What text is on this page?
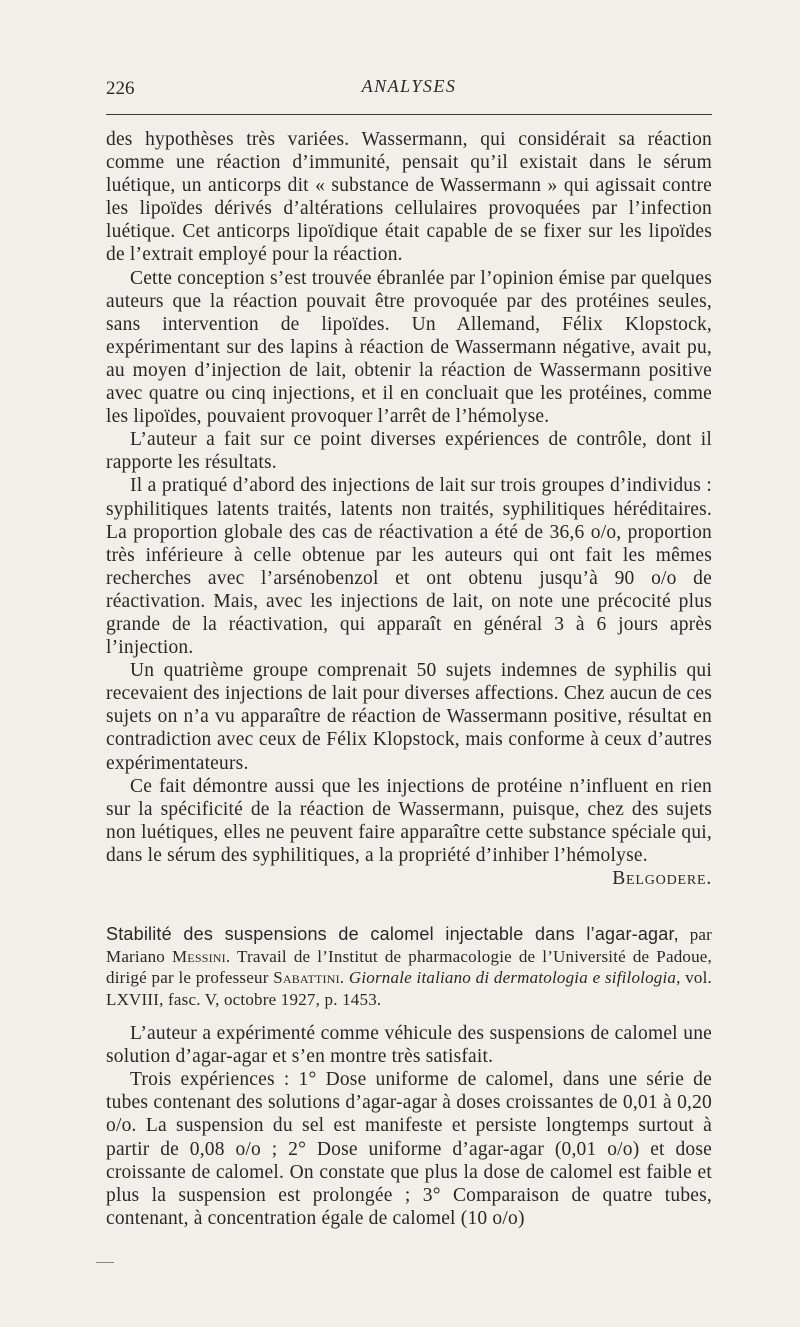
226	ANALYSES

des hypothèses très variées. Wassermann, qui considérait sa réaction comme une réaction d’immunité, pensait qu’il existait dans le sérum luétique, un anticorps dit « substance de Wassermann » qui agissait contre les lipoïdes dérivés d’altérations cellulaires provoquées par l’infection luétique. Cet anticorps lipoïdique était capable de se fixer sur les lipoïdes de l’extrait employé pour la réaction.

Cette conception s’est trouvée ébranlée par l’opinion émise par quelques auteurs que la réaction pouvait être provoquée par des protéines seules, sans intervention de lipoïdes. Un Allemand, Félix Klopstock, expérimentant sur des lapins à réaction de Wassermann négative, avait pu, au moyen d’injection de lait, obtenir la réaction de Wassermann positive avec quatre ou cinq injections, et il en concluait que les protéines, comme les lipoïdes, pouvaient provoquer l’arrêt de l’hémolyse.

L’auteur a fait sur ce point diverses expériences de contrôle, dont il rapporte les résultats.

Il a pratiqué d’abord des injections de lait sur trois groupes d’individus : syphilitiques latents traités, latents non traités, syphilitiques héréditaires. La proportion globale des cas de réactivation a été de 36,6 o/o, proportion très inférieure à celle obtenue par les auteurs qui ont fait les mêmes recherches avec l’arsénobenzol et ont obtenu jusqu’à 90 o/o de réactivation. Mais, avec les injections de lait, on note une précocité plus grande de la réactivation, qui apparaît en général 3 à 6 jours après l’injection.

Un quatrième groupe comprenait 50 sujets indemnes de syphilis qui recevaient des injections de lait pour diverses affections. Chez aucun de ces sujets on n’a vu apparaître de réaction de Wassermann positive, résultat en contradiction avec ceux de Félix Klopstock, mais conforme à ceux d’autres expérimentateurs.

Ce fait démontre aussi que les injections de protéine n’influent en rien sur la spécificité de la réaction de Wassermann, puisque, chez des sujets non luétiques, elles ne peuvent faire apparaître cette substance spéciale qui, dans le sérum des syphilitiques, a la propriété d’inhiber l’hémolyse.
Belgodere.

Stabilité des suspensions de calomel injectable dans l’agar-agar, par Mariano Messini. Travail de l’Institut de pharmacologie de l’Université de Padoue, dirigé par le professeur Sabattini. Giornale italiano di dermatologia e sifilologia, vol. LXVIII, fasc. V, octobre 1927, p. 1453.

L’auteur a expérimenté comme véhicule des suspensions de calomel une solution d’agar-agar et s’en montre très satisfait.

Trois expériences : 1° Dose uniforme de calomel, dans une série de tubes contenant des solutions d’agar-agar à doses croissantes de 0,01 à 0,20 o/o. La suspension du sel est manifeste et persiste longtemps surtout à partir de 0,08 o/o ; 2° Dose uniforme d’agar-agar (0,01 o/o) et dose croissante de calomel. On constate que plus la dose de calomel est faible et plus la suspension est prolongée ; 3° Comparaison de quatre tubes, contenant, à concentration égale de calomel (10 o/o)
